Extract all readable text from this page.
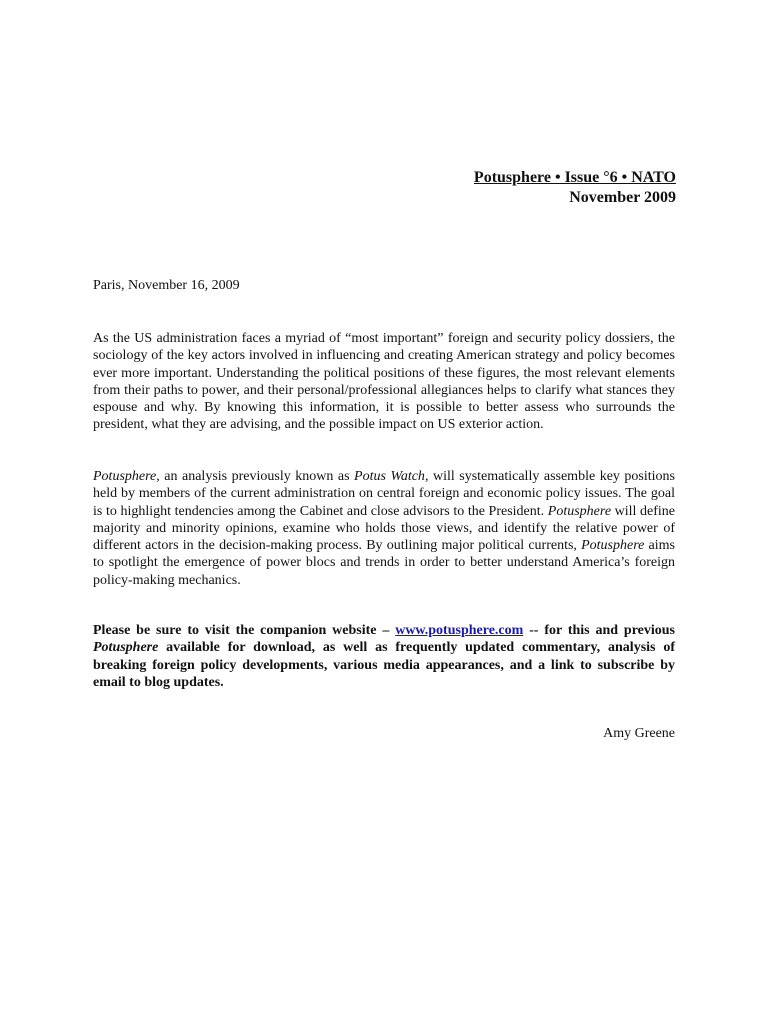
Potusphere • Issue °6 • NATO
November 2009
Paris, November 16, 2009
As the US administration faces a myriad of “most important” foreign and security policy dossiers, the sociology of the key actors involved in influencing and creating American strategy and policy becomes ever more important. Understanding the political positions of these figures, the most relevant elements from their paths to power, and their personal/professional allegiances helps to clarify what stances they espouse and why. By knowing this information, it is possible to better assess who surrounds the president, what they are advising, and the possible impact on US exterior action.
Potusphere, an analysis previously known as Potus Watch, will systematically assemble key positions held by members of the current administration on central foreign and economic policy issues. The goal is to highlight tendencies among the Cabinet and close advisors to the President. Potusphere will define majority and minority opinions, examine who holds those views, and identify the relative power of different actors in the decision-making process. By outlining major political currents, Potusphere aims to spotlight the emergence of power blocs and trends in order to better understand America’s foreign policy-making mechanics.
Please be sure to visit the companion website – www.potusphere.com -- for this and previous Potusphere available for download, as well as frequently updated commentary, analysis of breaking foreign policy developments, various media appearances, and a link to subscribe by email to blog updates.
Amy Greene
